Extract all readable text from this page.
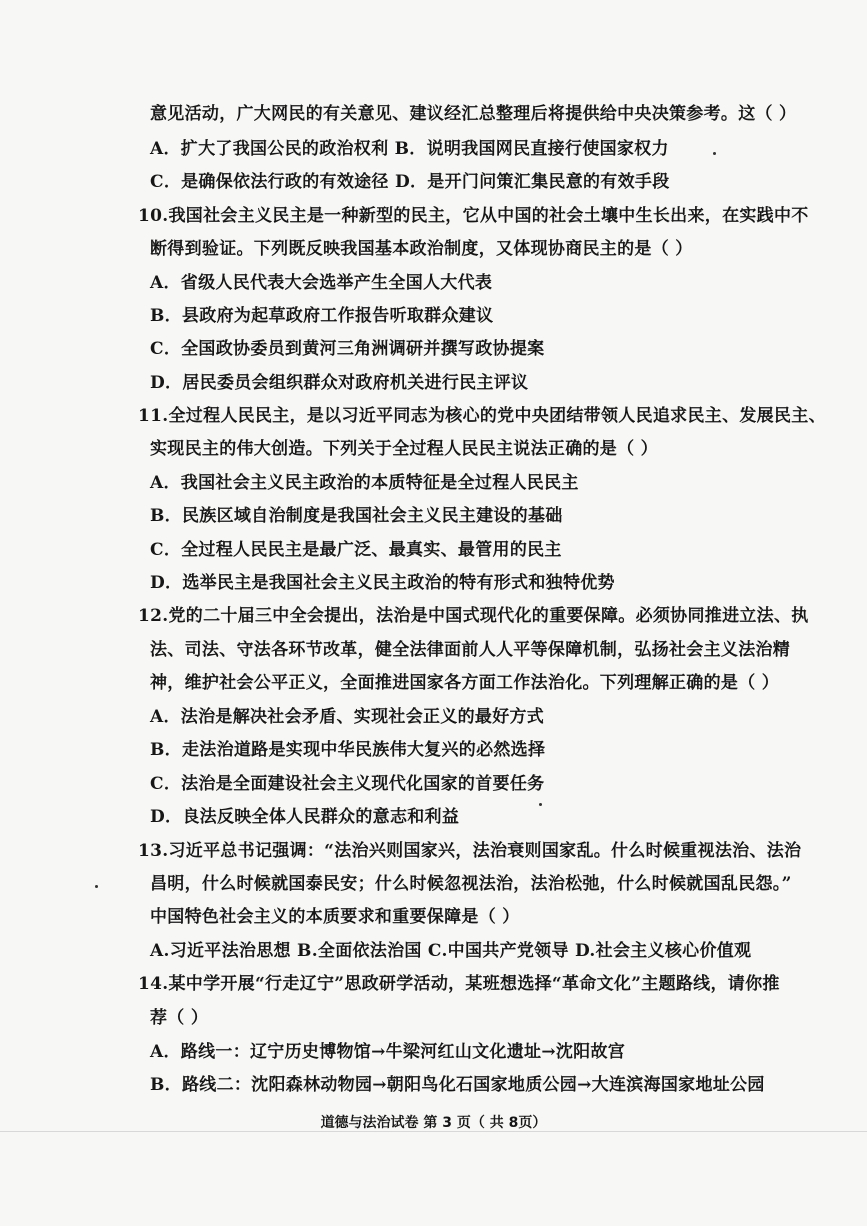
意见活动，广大网民的有关意见、建议经汇总整理后将提供给中央决策参考。这（ ）
A．扩大了我国公民的政治权利 B．说明我国网民直接行使国家权力
C．是确保依法行政的有效途径 D．是开门问策汇集民意的有效手段
10.我国社会主义民主是一种新型的民主，它从中国的社会土壤中生长出来，在实践中不
断得到验证。下列既反映我国基本政治制度，又体现协商民主的是（ ）
A．省级人民代表大会选举产生全国人大代表
B．县政府为起草政府工作报告听取群众建议
C．全国政协委员到黄河三角洲调研并撰写政协提案
D．居民委员会组织群众对政府机关进行民主评议
11.全过程人民民主，是以习近平同志为核心的党中央团结带领人民追求民主、发展民主、
实现民主的伟大创造。下列关于全过程人民民主说法正确的是（ ）
A．我国社会主义民主政治的本质特征是全过程人民民主
B．民族区域自治制度是我国社会主义民主建设的基础
C．全过程人民民主是最广泛、最真实、最管用的民主
D．选举民主是我国社会主义民主政治的特有形式和独特优势
12.党的二十届三中全会提出，法治是中国式现代化的重要保障。必须协同推进立法、执
法、司法、守法各环节改革，健全法律面前人人平等保障机制，弘扬社会主义法治精
神，维护社会公平正义，全面推进国家各方面工作法治化。下列理解正确的是（ ）
A．法治是解决社会矛盾、实现社会正义的最好方式
B．走法治道路是实现中华民族伟大复兴的必然选择
C．法治是全面建设社会主义现代化国家的首要任务
D．良法反映全体人民群众的意志和利益
13.习近平总书记强调：“法治兴则国家兴，法治衰则国家乱。什么时候重视法治、法治
昌明，什么时候就国泰民安；什么时候忽视法治，法治松弛，什么时候就国乱民怨。”
中国特色社会主义的本质要求和重要保障是（ ）
A.习近平法治思想 B.全面依法治国 C.中国共产党领导 D.社会主义核心价值观
14.某中学开展“行走辽宁”思政研学活动，某班想选择“革命文化”主题路线，请你推
荐（ ）
A．路线一：辽宁历史博物馆→牛梁河红山文化遗址→沈阳故宫
B．路线二：沈阳森林动物园→朝阳鸟化石国家地质公园→大连滨海国家地址公园
道德与法治试卷 第 3 页（ 共 8页）
